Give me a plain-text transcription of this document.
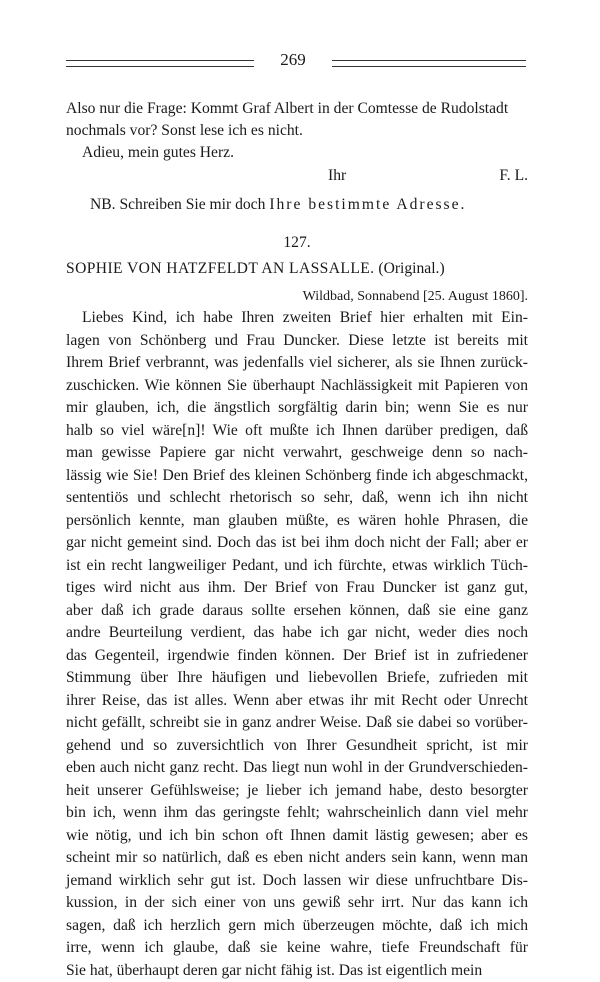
269
Also nur die Frage: Kommt Graf Albert in der Comtesse de Rudolstadt
nochmals vor? Sonst lese ich es nicht.
Adieu, mein gutes Herz.
Ihr	F. L.
NB. Schreiben Sie mir doch Ihre bestimmte Adresse.
127.
SOPHIE VON HATZFELDT AN LASSALLE. (Original.)
Wildbad, Sonnabend [25. August 1860].
Liebes Kind, ich habe Ihren zweiten Brief hier erhalten mit Ein-
lagen von Schönberg und Frau Duncker. Diese letzte ist bereits mit
Ihrem Brief verbrannt, was jedenfalls viel sicherer, als sie Ihnen zurück-
zuschicken. Wie können Sie überhaupt Nachlässigkeit mit Papieren von
mir glauben, ich, die ängstlich sorgfältig darin bin; wenn Sie es nur
halb so viel wäre[n]! Wie oft mußte ich Ihnen darüber predigen, daß
man gewisse Papiere gar nicht verwahrt, geschweige denn so nach-
lässig wie Sie! Den Brief des kleinen Schönberg finde ich abgeschmackt,
sententiös und schlecht rhetorisch so sehr, daß, wenn ich ihn nicht
persönlich kennte, man glauben müßte, es wären hohle Phrasen, die
gar nicht gemeint sind. Doch das ist bei ihm doch nicht der Fall; aber er
ist ein recht langweiliger Pedant, und ich fürchte, etwas wirklich Tüch-
tiges wird nicht aus ihm. Der Brief von Frau Duncker ist ganz gut,
aber daß ich grade daraus sollte ersehen können, daß sie eine ganz
andre Beurteilung verdient, das habe ich gar nicht, weder dies noch
das Gegenteil, irgendwie finden können. Der Brief ist in zufriedener
Stimmung über Ihre häufigen und liebevollen Briefe, zufrieden mit
ihrer Reise, das ist alles. Wenn aber etwas ihr mit Recht oder Unrecht
nicht gefällt, schreibt sie in ganz andrer Weise. Daß sie dabei so vorüber-
gehend und so zuversichtlich von Ihrer Gesundheit spricht, ist mir
eben auch nicht ganz recht. Das liegt nun wohl in der Grundverschieden-
heit unserer Gefühlsweise; je lieber ich jemand habe, desto besorgter
bin ich, wenn ihm das geringste fehlt; wahrscheinlich dann viel mehr
wie nötig, und ich bin schon oft Ihnen damit lästig gewesen; aber es
scheint mir so natürlich, daß es eben nicht anders sein kann, wenn man
jemand wirklich sehr gut ist. Doch lassen wir diese unfruchtbare Dis-
kussion, in der sich einer von uns gewiß sehr irrt. Nur das kann ich
sagen, daß ich herzlich gern mich überzeugen möchte, daß ich mich
irre, wenn ich glaube, daß sie keine wahre, tiefe Freundschaft für
Sie hat, überhaupt deren gar nicht fähig ist. Das ist eigentlich mein
